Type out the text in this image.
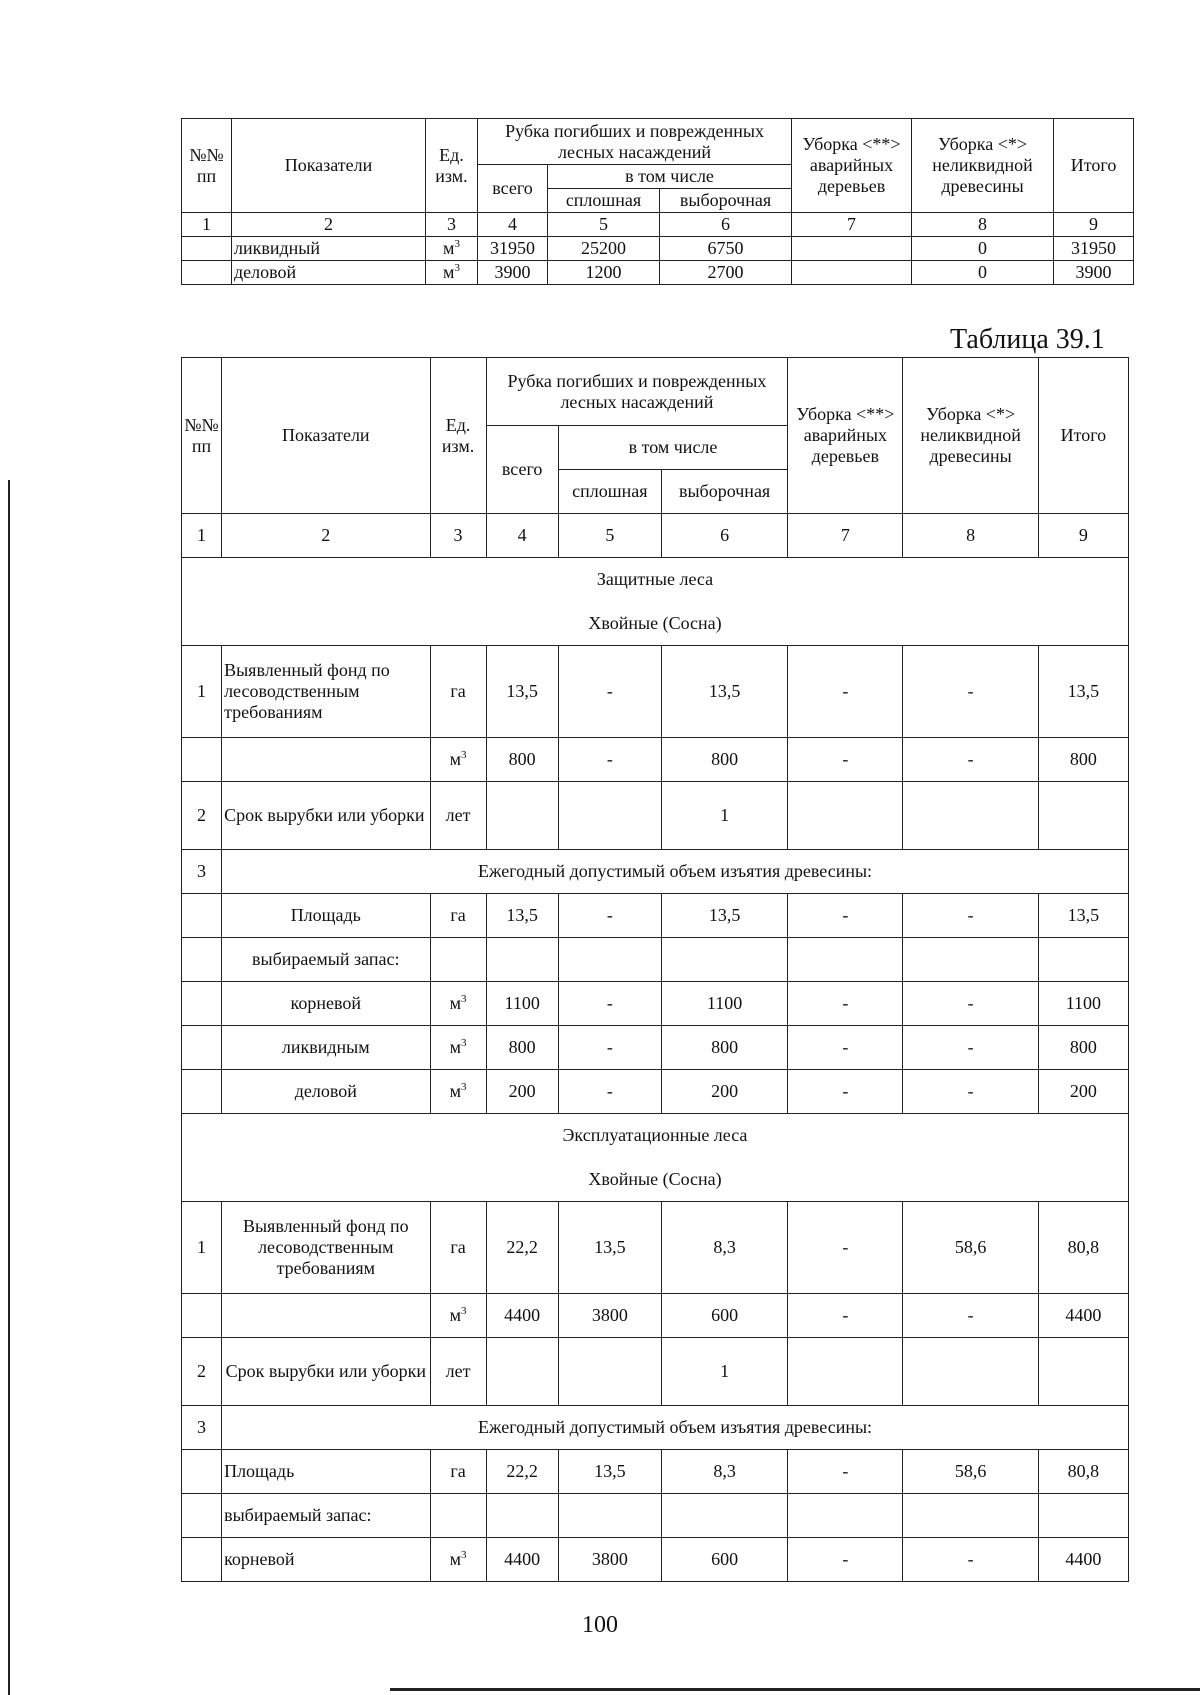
№№ пп	Показатели	Ед. изм.	Рубка погибших и поврежденных лесных насаждений			Уборка <**> аварийных деревьев	Уборка <*> неликвидной древесины	Итого
			всего	в том числе				
				сплошная	выборочная			
1	2	3	4	5	6	7	8	9
	ликвидный	$м^3$	31950	25200	6750		0	31950
	деловой	$м^3$	3900	1200	2700		0	3900
Таблица 39.1
№№ пп	Показатели	Ед. изм.	Рубка погибших и поврежденных лесных насаждений			Уборка <**> аварийных деревьев	Уборка <*> неликвидной древесины	Итого
			всего	в том числе				
				сплошная	выборочная			
1	2	3	4	5	6	7	8	9
Защитные леса								
Хвойные (Сосна)								
1	Выявленный фонд по лесоводственным требованиям	га	13,5	-	13,5	-	-	13,5
		$м^3$	800	-	800	-	-	800
2	Срок вырубки или уборки	лет			1			
3	Ежегодный допустимый объем изъятия древесины:							
	Площадь	га	13,5	-	13,5	-	-	13,5
	выбираемый запас:							
	корневой	$м^3$	1100	-	1100	-	-	1100
	ликвидным	$м^3$	800	-	800	-	-	800
	деловой	$м^3$	200	-	200	-	-	200
Эксплуатационные леса								
Хвойные (Сосна)								
1	Выявленный фонд по лесоводственным требованиям	га	22,2	13,5	8,3	-	58,6	80,8
		$м^3$	4400	3800	600	-	-	4400
2	Срок вырубки или уборки	лет			1			
3	Ежегодный допустимый объем изъятия древесины:							
	Площадь	га	22,2	13,5	8,3	-	58,6	80,8
	выбираемый запас:							
	корневой	$м^3$	4400	3800	600	-	-	4400
100
